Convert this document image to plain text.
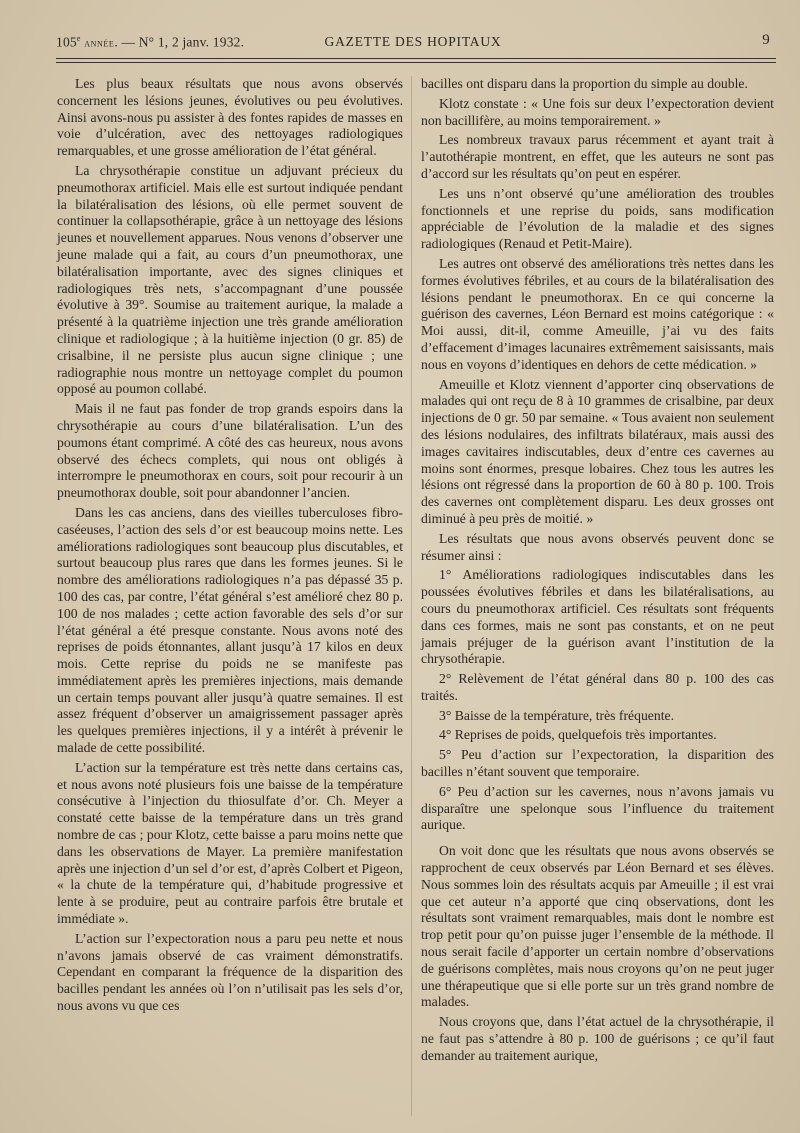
105e année. — N° 1, 2 janv. 1932.	GAZETTE DES HOPITAUX	9

Les plus beaux résultats que nous avons observés concernent les lésions jeunes, évolutives ou peu évolutives. Ainsi avons-nous pu assister à des fontes rapides de masses en voie d’ulcération, avec des nettoyages radiologiques remarquables, et une grosse amélioration de l’état général.

La chrysothérapie constitue un adjuvant précieux du pneumothorax artificiel. Mais elle est surtout indiquée pendant la bilatéralisation des lésions, où elle permet souvent de continuer la collapsothérapie, grâce à un nettoyage des lésions jeunes et nouvellement apparues. Nous venons d’observer une jeune malade qui a fait, au cours d’un pneumothorax, une bilatéralisation importante, avec des signes cliniques et radiologiques très nets, s’accompagnant d’une poussée évolutive à 39°. Soumise au traitement aurique, la malade a présenté à la quatrième injection une très grande amélioration clinique et radiologique ; à la huitième injection (0 gr. 85) de crisalbine, il ne persiste plus aucun signe clinique ; une radiographie nous montre un nettoyage complet du poumon opposé au poumon collabé.

Mais il ne faut pas fonder de trop grands espoirs dans la chrysothérapie au cours d’une bilatéralisation. L’un des poumons étant comprimé. A côté des cas heureux, nous avons observé des échecs complets, qui nous ont obligés à interrompre le pneumothorax en cours, soit pour recourir à un pneumothorax double, soit pour abandonner l’ancien.

Dans les cas anciens, dans des vieilles tuberculoses fibro-caséeuses, l’action des sels d’or est beaucoup moins nette. Les améliorations radiologiques sont beaucoup plus discutables, et surtout beaucoup plus rares que dans les formes jeunes. Si le nombre des améliorations radiologiques n’a pas dépassé 35 p. 100 des cas, par contre, l’état général s’est amélioré chez 80 p. 100 de nos malades ; cette action favorable des sels d’or sur l’état général a été presque constante. Nous avons noté des reprises de poids étonnantes, allant jusqu’à 17 kilos en deux mois. Cette reprise du poids ne se manifeste pas immédiatement après les premières injections, mais demande un certain temps pouvant aller jusqu’à quatre semaines. Il est assez fréquent d’observer un amaigrissement passager après les quelques premières injections, il y a intérêt à prévenir le malade de cette possibilité.

L’action sur la température est très nette dans certains cas, et nous avons noté plusieurs fois une baisse de la température consécutive à l’injection du thiosulfate d’or. Ch. Meyer a constaté cette baisse de la température dans un très grand nombre de cas ; pour Klotz, cette baisse a paru moins nette que dans les observations de Mayer. La première manifestation après une injection d’un sel d’or est, d’après Colbert et Pigeon, « la chute de la température qui, d’habitude progressive et lente à se produire, peut au contraire parfois être brutale et immédiate ».

L’action sur l’expectoration nous a paru peu nette et nous n’avons jamais observé de cas vraiment démonstratifs. Cependant en comparant la fréquence de la disparition des bacilles pendant les années où l’on n’utilisait pas les sels d’or, nous avons vu que ces

bacilles ont disparu dans la proportion du simple au double.

Klotz constate : « Une fois sur deux l’expectoration devient non bacillifère, au moins temporairement. »

Les nombreux travaux parus récemment et ayant trait à l’autothérapie montrent, en effet, que les auteurs ne sont pas d’accord sur les résultats qu’on peut en espérer.

Les uns n’ont observé qu’une amélioration des troubles fonctionnels et une reprise du poids, sans modification appréciable de l’évolution de la maladie et des signes radiologiques (Renaud et Petit-Maire).

Les autres ont observé des améliorations très nettes dans les formes évolutives fébriles, et au cours de la bilatéralisation des lésions pendant le pneumothorax. En ce qui concerne la guérison des cavernes, Léon Bernard est moins catégorique : « Moi aussi, dit-il, comme Ameuille, j’ai vu des faits d’effacement d’images lacunaires extrêmement saisissants, mais nous en voyons d’identiques en dehors de cette médication. »

Ameuille et Klotz viennent d’apporter cinq observations de malades qui ont reçu de 8 à 10 grammes de crisalbine, par deux injections de 0 gr. 50 par semaine. « Tous avaient non seulement des lésions nodulaires, des infiltrats bilatéraux, mais aussi des images cavitaires indiscutables, deux d’entre ces cavernes au moins sont énormes, presque lobaires. Chez tous les autres les lésions ont régressé dans la proportion de 60 à 80 p. 100. Trois des cavernes ont complètement disparu. Les deux grosses ont diminué à peu près de moitié. »

Les résultats que nous avons observés peuvent donc se résumer ainsi :

1° Améliorations radiologiques indiscutables dans les poussées évolutives fébriles et dans les bilatéralisations, au cours du pneumothorax artificiel. Ces résultats sont fréquents dans ces formes, mais ne sont pas constants, et on ne peut jamais préjuger de la guérison avant l’institution de la chrysothérapie.

2° Relèvement de l’état général dans 80 p. 100 des cas traités.

3° Baisse de la température, très fréquente.

4° Reprises de poids, quelquefois très importantes.

5° Peu d’action sur l’expectoration, la disparition des bacilles n’étant souvent que temporaire.

6° Peu d’action sur les cavernes, nous n’avons jamais vu disparaître une spelonque sous l’influence du traitement aurique.

On voit donc que les résultats que nous avons observés se rapprochent de ceux observés par Léon Bernard et ses élèves. Nous sommes loin des résultats acquis par Ameuille ; il est vrai que cet auteur n’a apporté que cinq observations, dont les résultats sont vraiment remarquables, mais dont le nombre est trop petit pour qu’on puisse juger l’ensemble de la méthode. Il nous serait facile d’apporter un certain nombre d’observations de guérisons complètes, mais nous croyons qu’on ne peut juger une thérapeutique que si elle porte sur un très grand nombre de malades.

Nous croyons que, dans l’état actuel de la chrysothérapie, il ne faut pas s’attendre à 80 p. 100 de guérisons ; ce qu’il faut demander au traitement aurique,
